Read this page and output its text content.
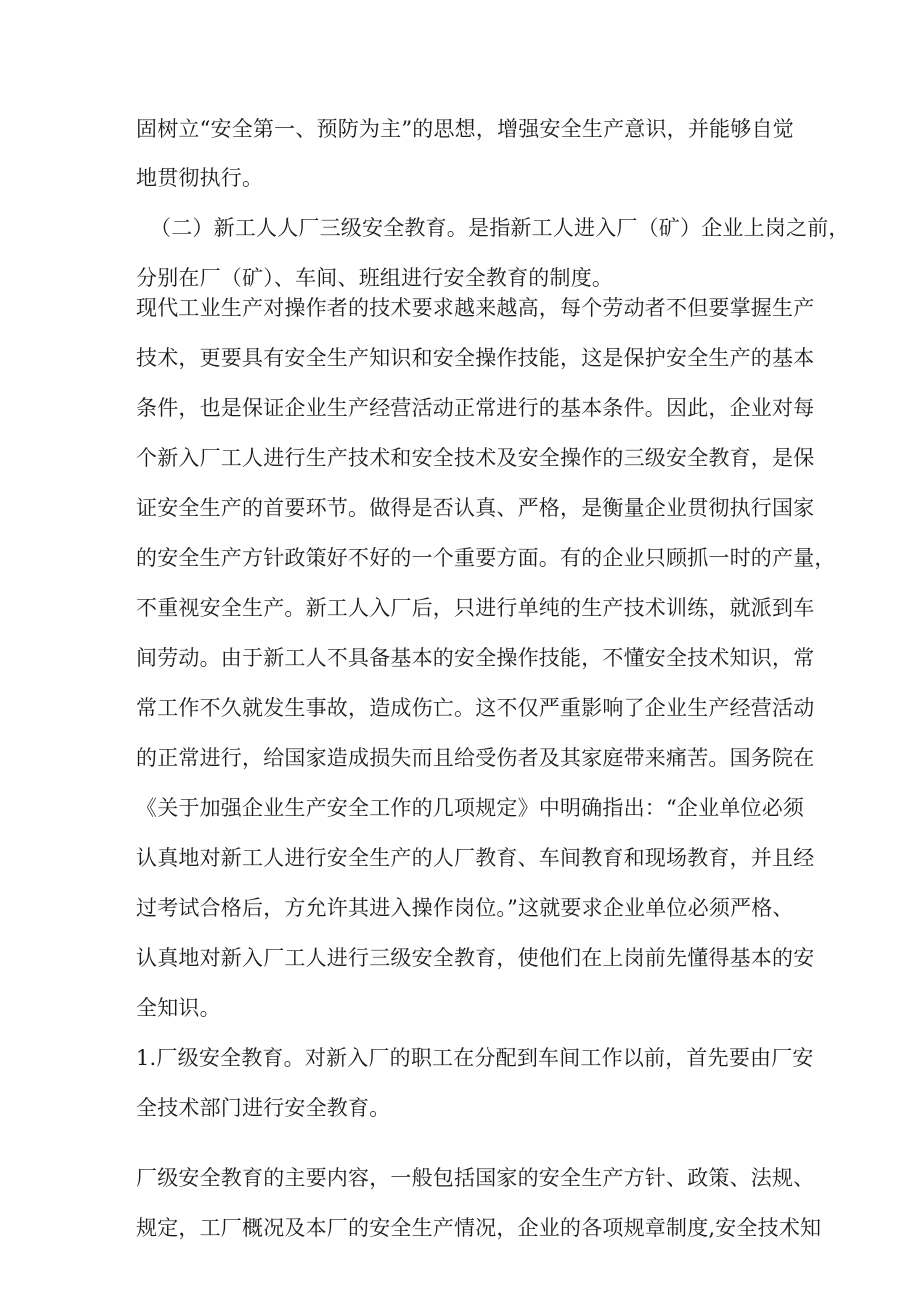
固树立“安全第一、预防为主”的思想，增强安全生产意识，并能够自觉
地贯彻执行。
（二）新工人人厂三级安全教育。是指新工人进入厂（矿）企业上岗之前，
分别在厂（矿）、车间、班组进行安全教育的制度。
现代工业生产对操作者的技术要求越来越高，每个劳动者不但要掌握生产
技术，更要具有安全生产知识和安全操作技能，这是保护安全生产的基本
条件，也是保证企业生产经营活动正常进行的基本条件。因此，企业对每
个新入厂工人进行生产技术和安全技术及安全操作的三级安全教育，是保
证安全生产的首要环节。做得是否认真、严格，是衡量企业贯彻执行国家
的安全生产方针政策好不好的一个重要方面。有的企业只顾抓一时的产量，
不重视安全生产。新工人入厂后，只进行单纯的生产技术训练，就派到车
间劳动。由于新工人不具备基本的安全操作技能，不懂安全技术知识，常
常工作不久就发生事故，造成伤亡。这不仅严重影响了企业生产经营活动
的正常进行，给国家造成损失而且给受伤者及其家庭带来痛苦。国务院在
《关于加强企业生产安全工作的几项规定》中明确指出：“企业单位必须
认真地对新工人进行安全生产的人厂教育、车间教育和现场教育，并且经
过考试合格后，方允许其进入操作岗位。”这就要求企业单位必须严格、
认真地对新入厂工人进行三级安全教育，使他们在上岗前先懂得基本的安
全知识。
1.厂级安全教育。对新入厂的职工在分配到车间工作以前，首先要由厂安
全技术部门进行安全教育。
厂级安全教育的主要内容，一般包括国家的安全生产方针、政策、法规、
规定，工厂概况及本厂的安全生产情况，企业的各项规章制度,安全技术知
